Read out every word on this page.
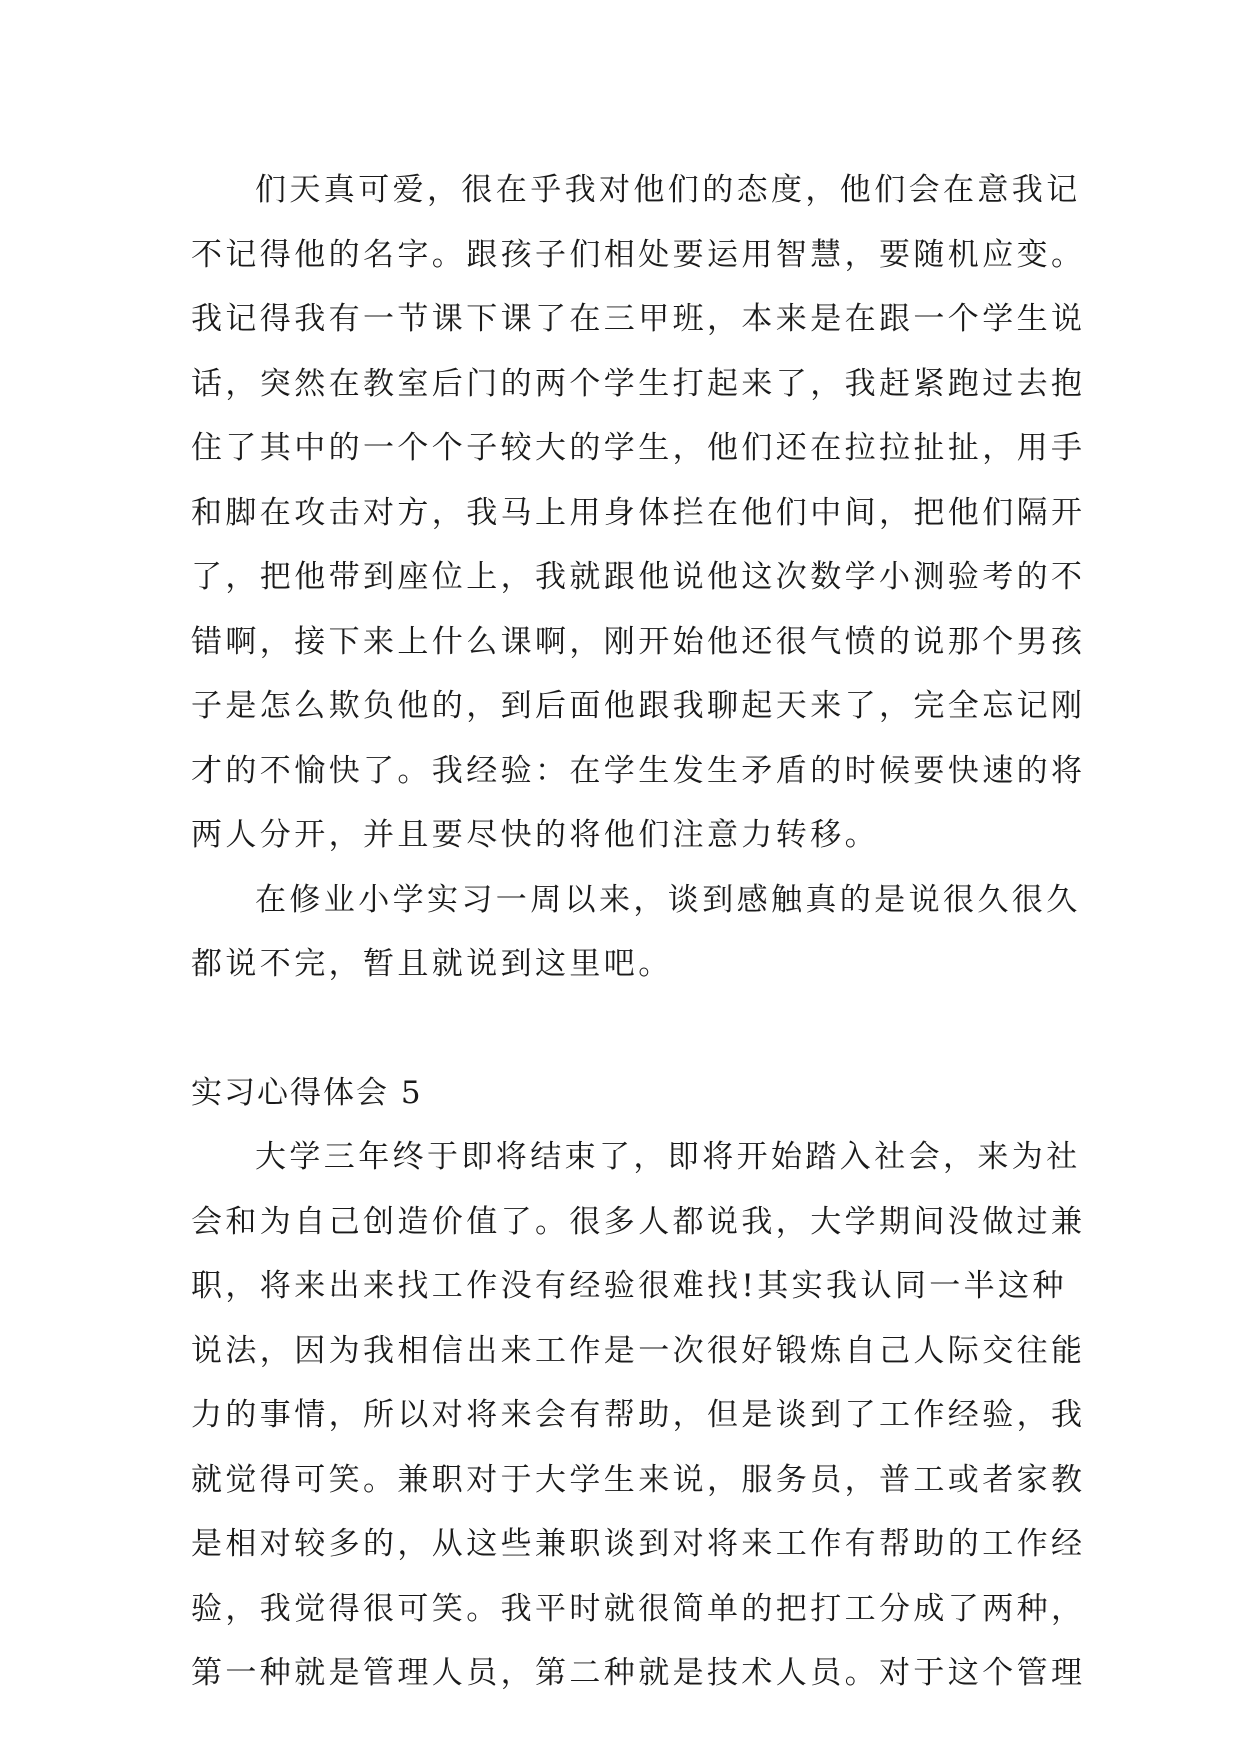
们天真可爱，很在乎我对他们的态度，他们会在意我记
不记得他的名字。跟孩子们相处要运用智慧，要随机应变。
我记得我有一节课下课了在三甲班，本来是在跟一个学生说
话，突然在教室后门的两个学生打起来了，我赶紧跑过去抱
住了其中的一个个子较大的学生，他们还在拉拉扯扯，用手
和脚在攻击对方，我马上用身体拦在他们中间，把他们隔开
了，把他带到座位上，我就跟他说他这次数学小测验考的不
错啊，接下来上什么课啊，刚开始他还很气愤的说那个男孩
子是怎么欺负他的，到后面他跟我聊起天来了，完全忘记刚
才的不愉快了。我经验：在学生发生矛盾的时候要快速的将
两人分开，并且要尽快的将他们注意力转移。
在修业小学实习一周以来，谈到感触真的是说很久很久
都说不完，暂且就说到这里吧。
实习心得体会 5
大学三年终于即将结束了，即将开始踏入社会，来为社
会和为自己创造价值了。很多人都说我，大学期间没做过兼
职，将来出来找工作没有经验很难找!其实我认同一半这种
说法，因为我相信出来工作是一次很好锻炼自己人际交往能
力的事情，所以对将来会有帮助，但是谈到了工作经验，我
就觉得可笑。兼职对于大学生来说，服务员，普工或者家教
是相对较多的，从这些兼职谈到对将来工作有帮助的工作经
验，我觉得很可笑。我平时就很简单的把打工分成了两种，
第一种就是管理人员，第二种就是技术人员。对于这个管理
